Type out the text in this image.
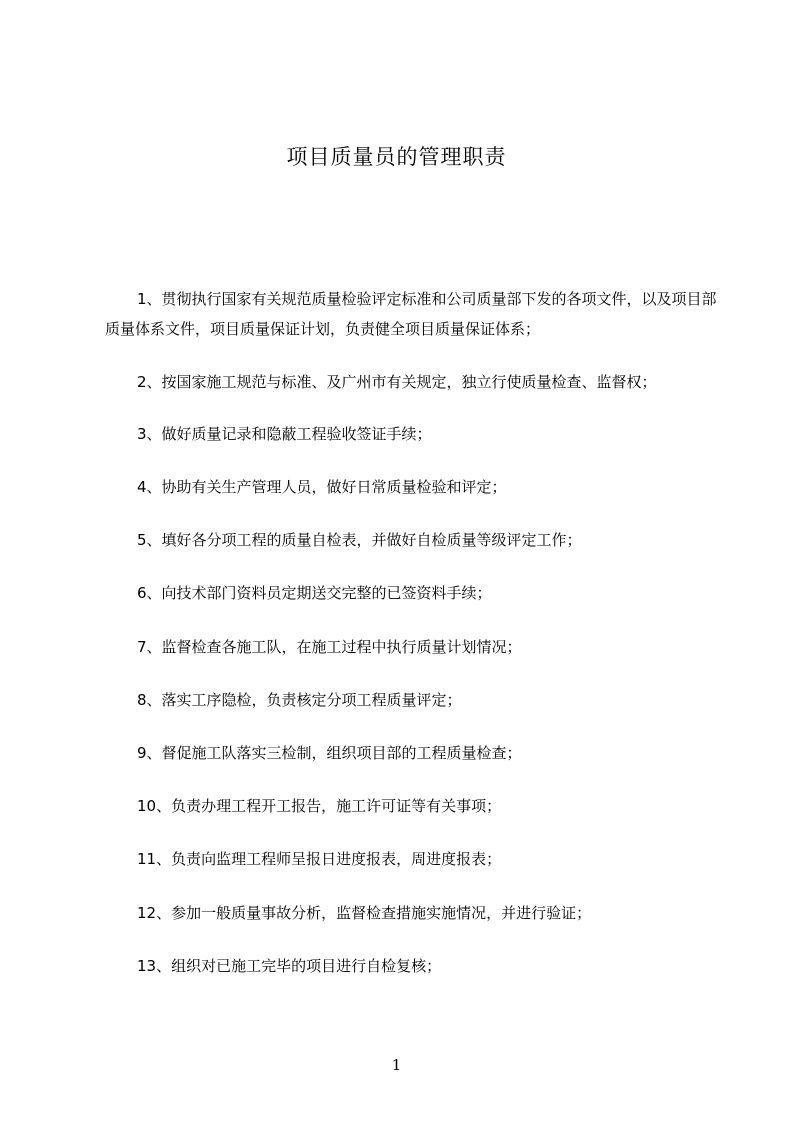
项目质量员的管理职责

1、贯彻执行国家有关规范质量检验评定标准和公司质量部下发的各项文件，以及项目部质量体系文件，项目质量保证计划，负责健全项目质量保证体系；

2、按国家施工规范与标准、及广州市有关规定，独立行使质量检查、监督权；

3、做好质量记录和隐蔽工程验收签证手续；

4、协助有关生产管理人员，做好日常质量检验和评定；

5、填好各分项工程的质量自检表，并做好自检质量等级评定工作；

6、向技术部门资料员定期送交完整的已签资料手续；

7、监督检查各施工队，在施工过程中执行质量计划情况；

8、落实工序隐检，负责核定分项工程质量评定；

9、督促施工队落实三检制，组织项目部的工程质量检查；

10、负责办理工程开工报告，施工许可证等有关事项；

11、负责向监理工程师呈报日进度报表，周进度报表；

12、参加一般质量事故分析，监督检查措施实施情况，并进行验证；

13、组织对已施工完毕的项目进行自检复核；

1
